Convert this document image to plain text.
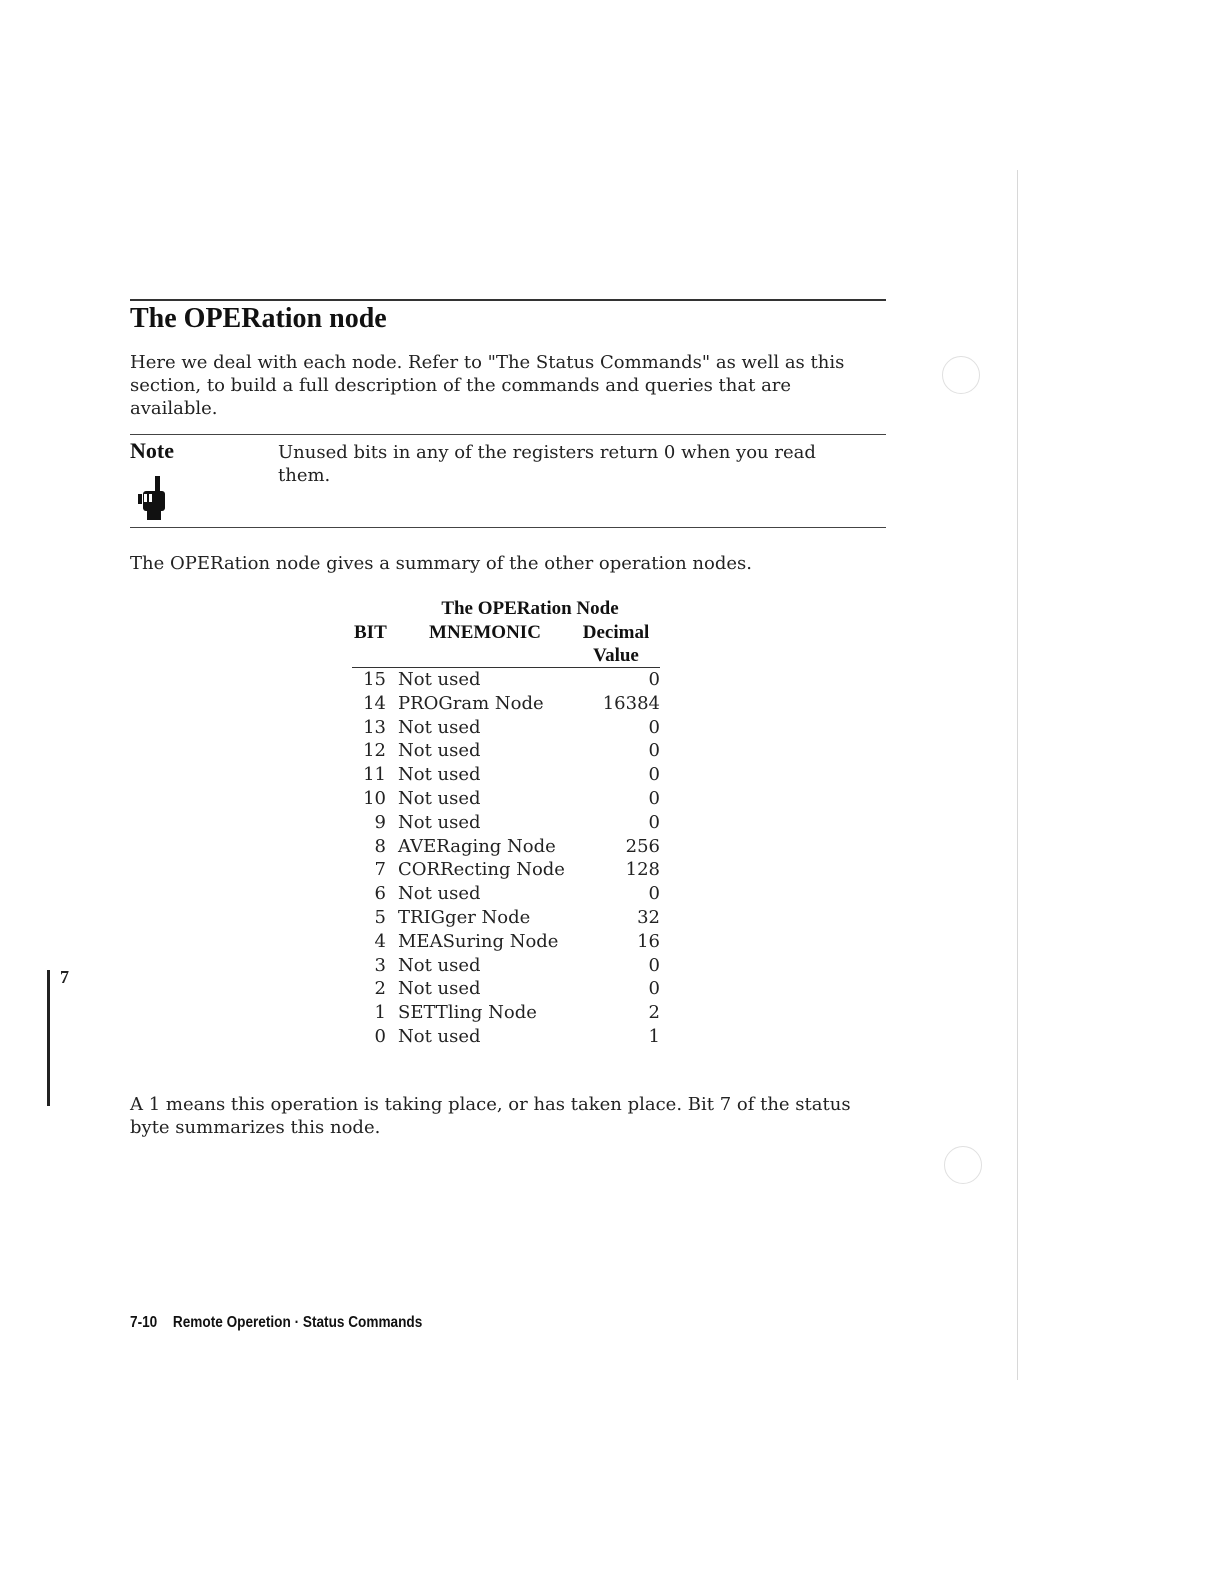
The OPERation node

Here we deal with each node. Refer to "The Status Commands" as well as this section, to build a full description of the commands and queries that are available.

Note	Unused bits in any of the registers return 0 when you read them.

The OPERation node gives a summary of the other operation nodes.

The OPERation Node
BIT	MNEMONIC	Decimal
Value

15	Not used	0
14	PROGram Node	16384
13	Not used	0
12	Not used	0
11	Not used	0
10	Not used	0
9	Not used	0
8	AVERaging Node	256
7	CORRecting Node	128
6	Not used	0
5	TRIGger Node	32
4	MEASuring Node	16
3	Not used	0
2	Not used	0
1	SETTling Node	2
0	Not used	1
7

A 1 means this operation is taking place, or has taken place. Bit 7 of the status byte summarizes this node.

7-10 Remote Operetion · Status Commands
